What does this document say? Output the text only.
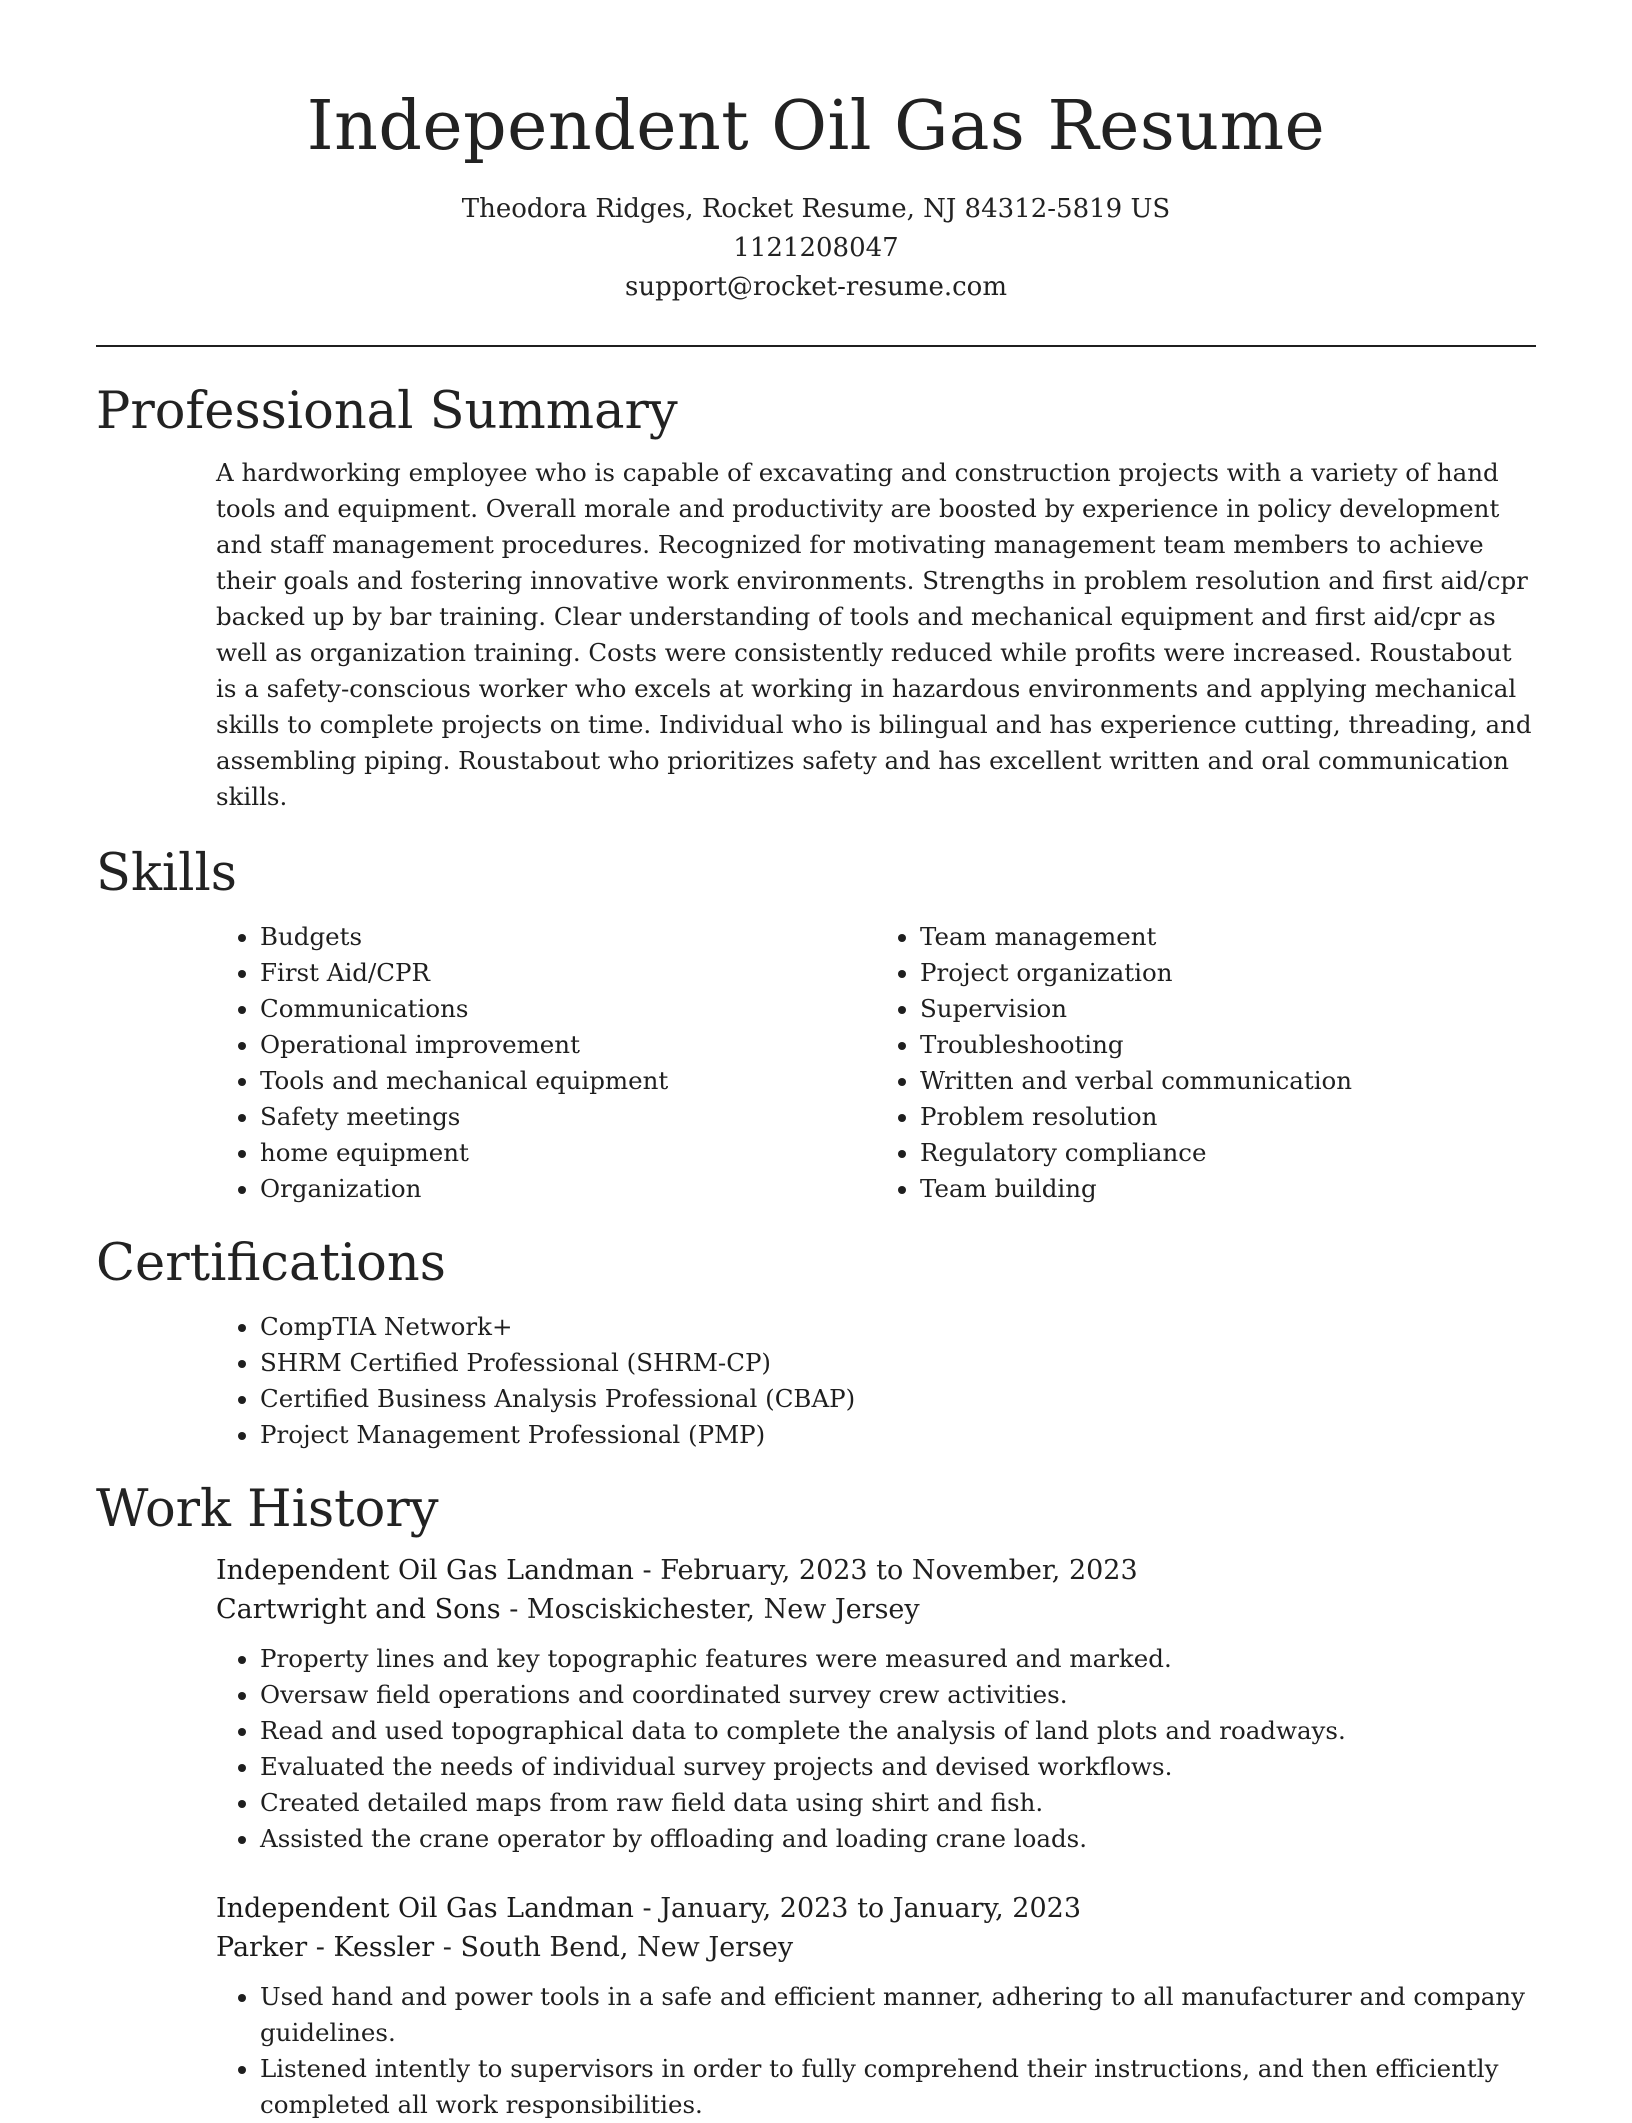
Independent Oil Gas Resume
Theodora Ridges, Rocket Resume, NJ 84312-5819 US
1121208047
support@rocket-resume.com
Professional Summary

A hardworking employee who is capable of excavating and construction projects with a variety of hand tools and equipment. Overall morale and productivity are boosted by experience in policy development and staff management procedures. Recognized for motivating management team members to achieve their goals and fostering innovative work environments. Strengths in problem resolution and first aid/cpr backed up by bar training. Clear understanding of tools and mechanical equipment and first aid/cpr as well as organization training. Costs were consistently reduced while profits were increased. Roustabout is a safety-conscious worker who excels at working in hazardous environments and applying mechanical skills to complete projects on time. Individual who is bilingual and has experience cutting, threading, and assembling piping. Roustabout who prioritizes safety and has excellent written and oral communication skills.

Skills
• Budgets
• First Aid/CPR
• Communications
• Operational improvement
• Tools and mechanical equipment
• Safety meetings
• home equipment
• Organization
• Team management
• Project organization
• Supervision
• Troubleshooting
• Written and verbal communication
• Problem resolution
• Regulatory compliance
• Team building
Certifications
• CompTIA Network+
• SHRM Certified Professional (SHRM-CP)
• Certified Business Analysis Professional (CBAP)
• Project Management Professional (PMP)
Work History
Independent Oil Gas Landman - February, 2023 to November, 2023
Cartwright and Sons - Mosciskichester, New Jersey
• Property lines and key topographic features were measured and marked.
• Oversaw field operations and coordinated survey crew activities.
• Read and used topographical data to complete the analysis of land plots and roadways.
• Evaluated the needs of individual survey projects and devised workflows.
• Created detailed maps from raw field data using shirt and fish.
• Assisted the crane operator by offloading and loading crane loads.
Independent Oil Gas Landman - January, 2023 to January, 2023
Parker - Kessler - South Bend, New Jersey
• Used hand and power tools in a safe and efficient manner, adhering to all manufacturer and company guidelines.
• Listened intently to supervisors in order to fully comprehend their instructions, and then efficiently completed all work responsibilities.
